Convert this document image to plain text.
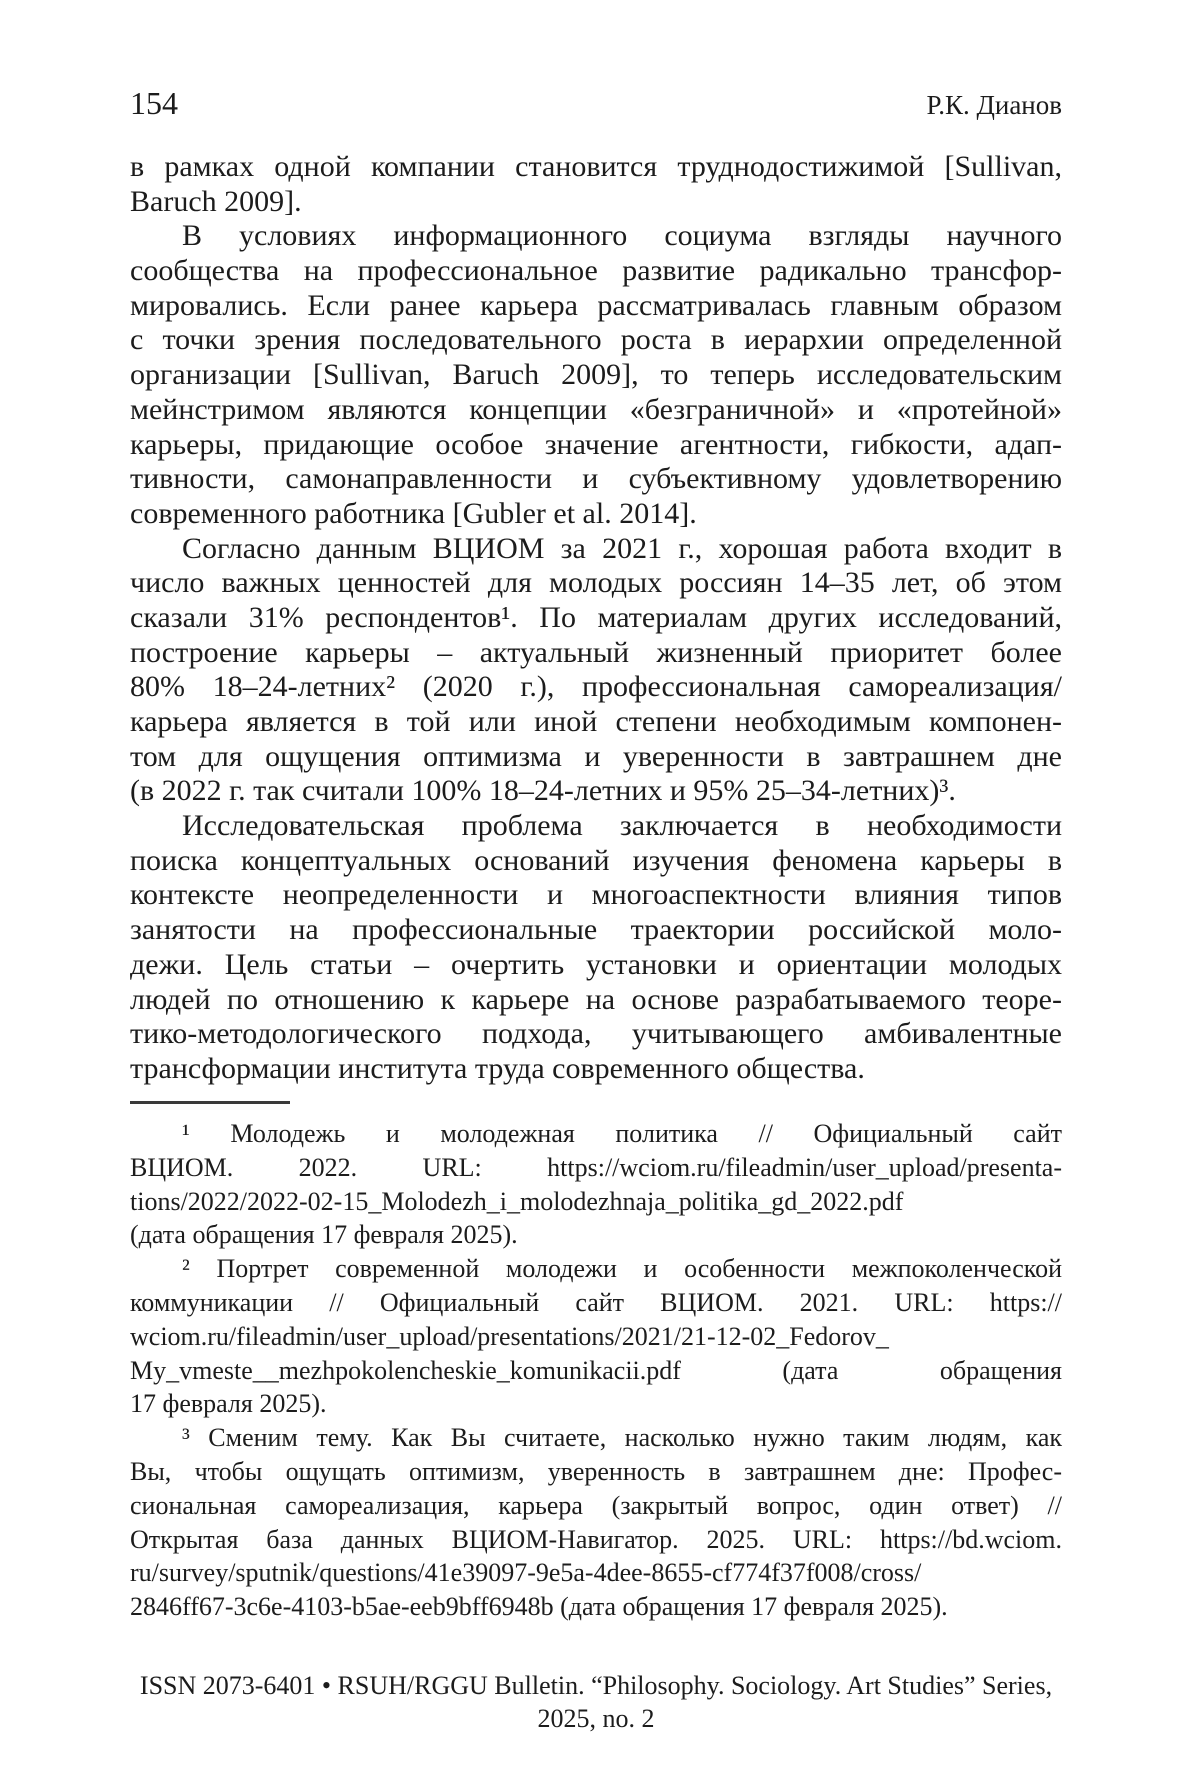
154	Р.К. Дианов
в рамках одной компании становится труднодостижимой [Sullivan,
Baruch 2009].
В условиях информационного социума взгляды научного
сообщества на профессиональное развитие радикально трансфор-
мировались. Если ранее карьера рассматривалась главным образом
с точки зрения последовательного роста в иерархии определенной
организации [Sullivan, Baruch 2009], то теперь исследовательским
мейнстримом являются концепции «безграничной» и «протейной»
карьеры, придающие особое значение агентности, гибкости, адап-
тивности, самонаправленности и субъективному удовлетворению
современного работника [Gubler et al. 2014].
Согласно данным ВЦИОМ за 2021 г., хорошая работа входит в
число важных ценностей для молодых россиян 14–35 лет, об этом
сказали 31% респондентов¹. По материалам других исследований,
построение карьеры – актуальный жизненный приоритет более
80% 18–24-летних² (2020 г.), профессиональная самореализация/
карьера является в той или иной степени необходимым компонен-
том для ощущения оптимизма и уверенности в завтрашнем дне
(в 2022 г. так считали 100% 18–24-летних и 95% 25–34-летних)³.
Исследовательская проблема заключается в необходимости
поиска концептуальных оснований изучения феномена карьеры в
контексте неопределенности и многоаспектности влияния типов
занятости на профессиональные траектории российской моло-
дежи. Цель статьи – очертить установки и ориентации молодых
людей по отношению к карьере на основе разрабатываемого теоре-
тико-методологического подхода, учитывающего амбивалентные
трансформации института труда современного общества.
¹ Молодежь и молодежная политика // Официальный сайт
ВЦИОМ. 2022. URL: https://wciom.ru/fileadmin/user_upload/presenta-
tions/2022/2022-02-15_Molodezh_i_molodezhnaja_politika_gd_2022.pdf
(дата обращения 17 февраля 2025).
² Портрет современной молодежи и особенности межпоколенческой
коммуникации // Официальный сайт ВЦИОМ. 2021. URL: https://
wciom.ru/fileadmin/user_upload/presentations/2021/21-12-02_Fedorov_
My_vmeste__mezhpokolencheskie_komunikacii.pdf (дата обращения
17 февраля 2025).
³ Сменим тему. Как Вы считаете, насколько нужно таким людям, как
Вы, чтобы ощущать оптимизм, уверенность в завтрашнем дне: Профес-
сиональная самореализация, карьера (закрытый вопрос, один ответ) //
Открытая база данных ВЦИОМ-Навигатор. 2025. URL: https://bd.wciom.
ru/survey/sputnik/questions/41e39097-9e5a-4dee-8655-cf774f37f008/cross/
2846ff67-3c6e-4103-b5ae-eeb9bff6948b (дата обращения 17 февраля 2025).
ISSN 2073-6401 • RSUH/RGGU Bulletin. “Philosophy. Sociology. Art Studies” Series,
2025, no. 2
